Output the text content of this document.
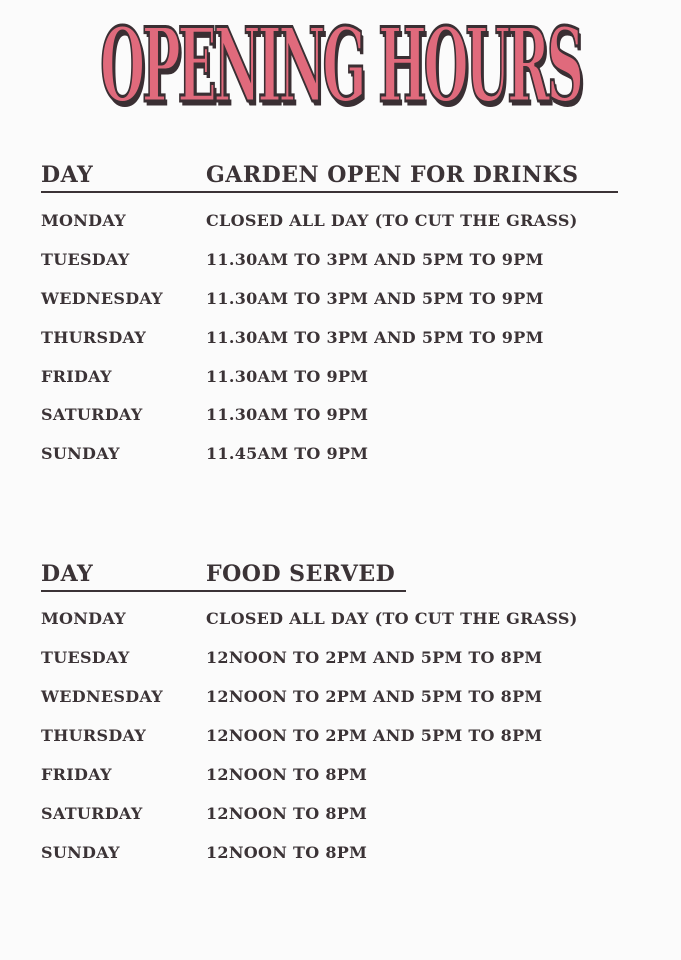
OPENING HOURS
DAY	GARDEN OPEN FOR DRINKS
MONDAY	CLOSED ALL DAY (TO CUT THE GRASS)
TUESDAY	11.30AM TO 3PM AND 5PM TO 9PM
WEDNESDAY	11.30AM TO 3PM AND 5PM TO 9PM
THURSDAY	11.30AM TO 3PM AND 5PM TO 9PM
FRIDAY	11.30AM TO 9PM
SATURDAY	11.30AM TO 9PM
SUNDAY	11.45AM TO 9PM
DAY	FOOD SERVED
MONDAY	CLOSED ALL DAY (TO CUT THE GRASS)
TUESDAY	12NOON TO 2PM AND 5PM TO 8PM
WEDNESDAY	12NOON TO 2PM AND 5PM TO 8PM
THURSDAY	12NOON TO 2PM AND 5PM TO 8PM
FRIDAY	12NOON TO 8PM
SATURDAY	12NOON TO 8PM
SUNDAY	12NOON TO 8PM
